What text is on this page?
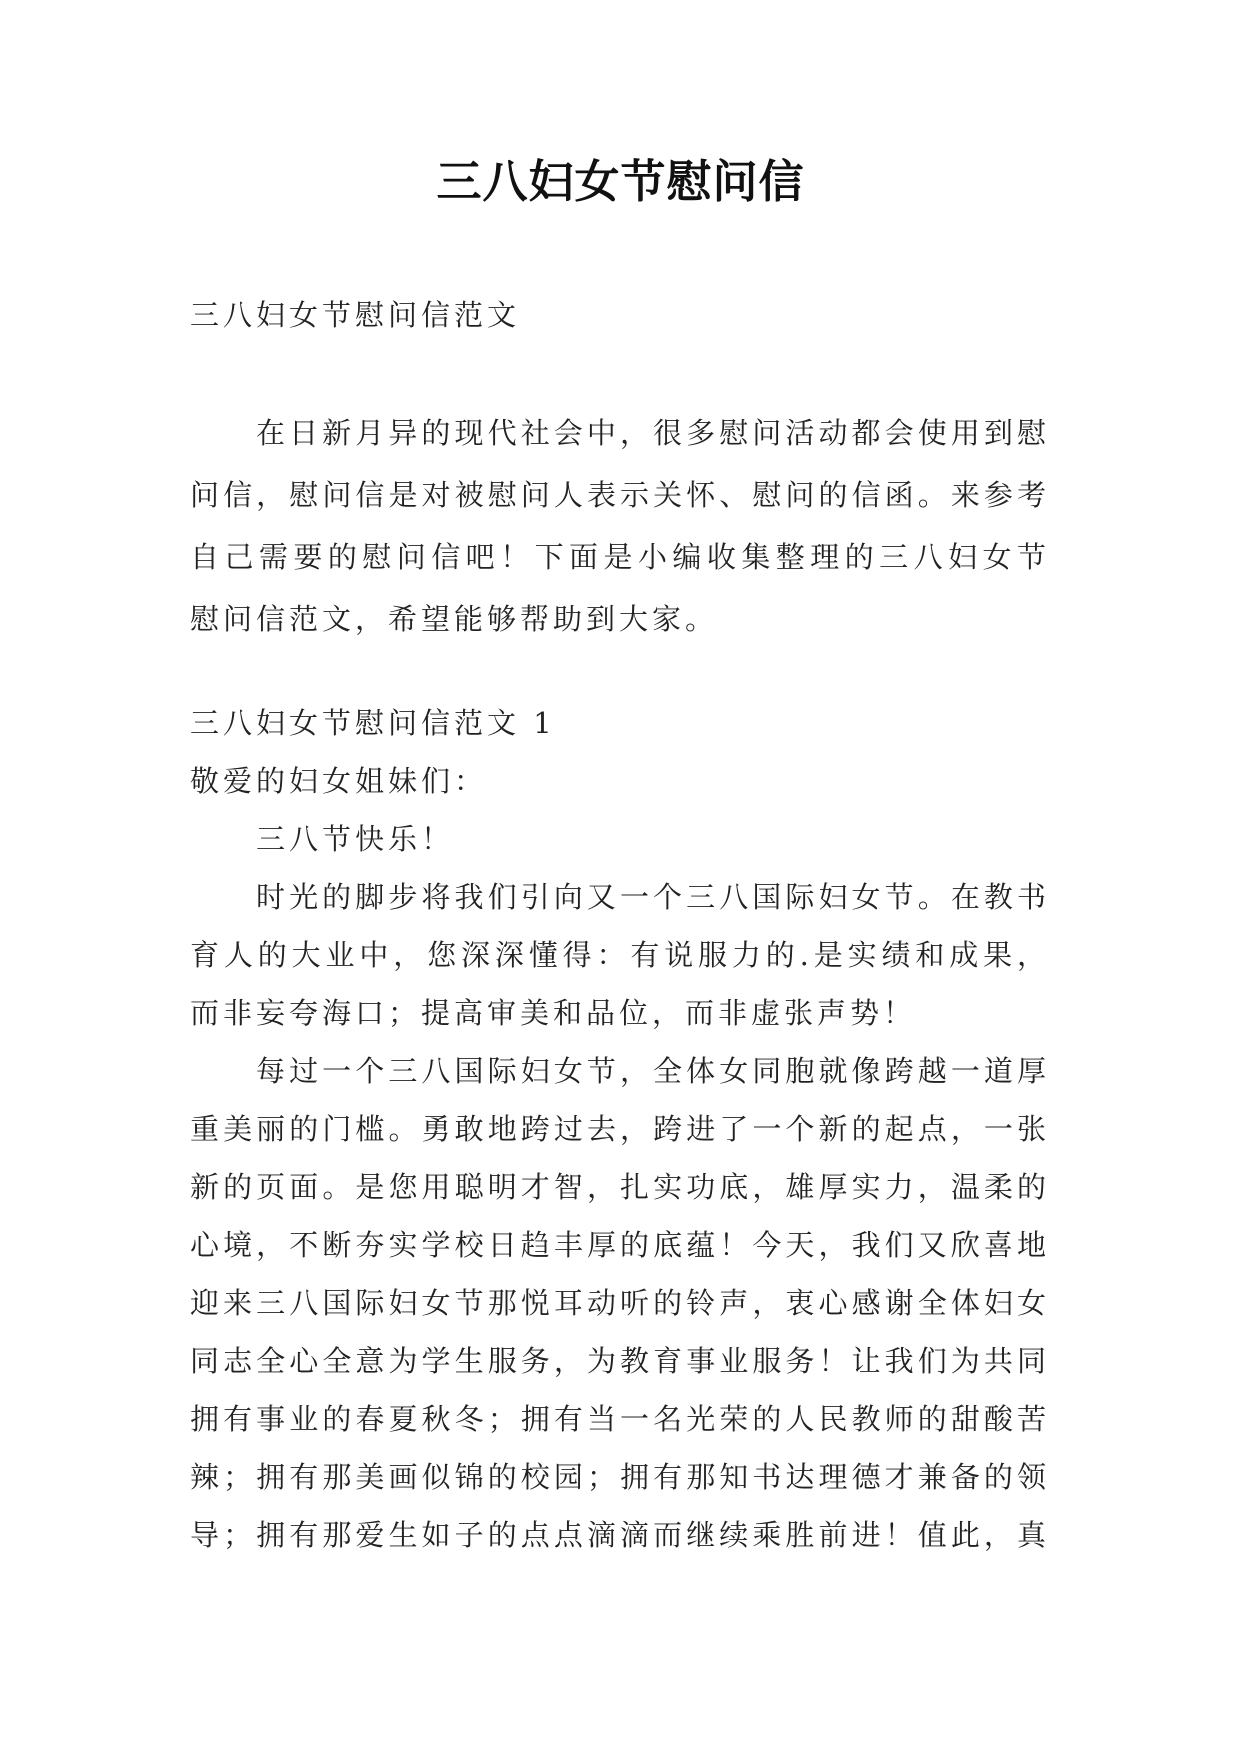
三八妇女节慰问信
三八妇女节慰问信范文
在日新月异的现代社会中，很多慰问活动都会使用到慰
问信，慰问信是对被慰问人表示关怀、慰问的信函。来参考
自己需要的慰问信吧！下面是小编收集整理的三八妇女节
慰问信范文，希望能够帮助到大家。
三八妇女节慰问信范文 1
敬爱的妇女姐妹们：
三八节快乐！
时光的脚步将我们引向又一个三八国际妇女节。在教书
育人的大业中，您深深懂得：有说服力的.是实绩和成果，
而非妄夸海口；提高审美和品位，而非虚张声势！
每过一个三八国际妇女节，全体女同胞就像跨越一道厚
重美丽的门槛。勇敢地跨过去，跨进了一个新的起点，一张
新的页面。是您用聪明才智，扎实功底，雄厚实力，温柔的
心境，不断夯实学校日趋丰厚的底蕴！今天，我们又欣喜地
迎来三八国际妇女节那悦耳动听的铃声，衷心感谢全体妇女
同志全心全意为学生服务，为教育事业服务！让我们为共同
拥有事业的春夏秋冬；拥有当一名光荣的人民教师的甜酸苦
辣；拥有那美画似锦的校园；拥有那知书达理德才兼备的领
导；拥有那爱生如子的点点滴滴而继续乘胜前进！值此，真
